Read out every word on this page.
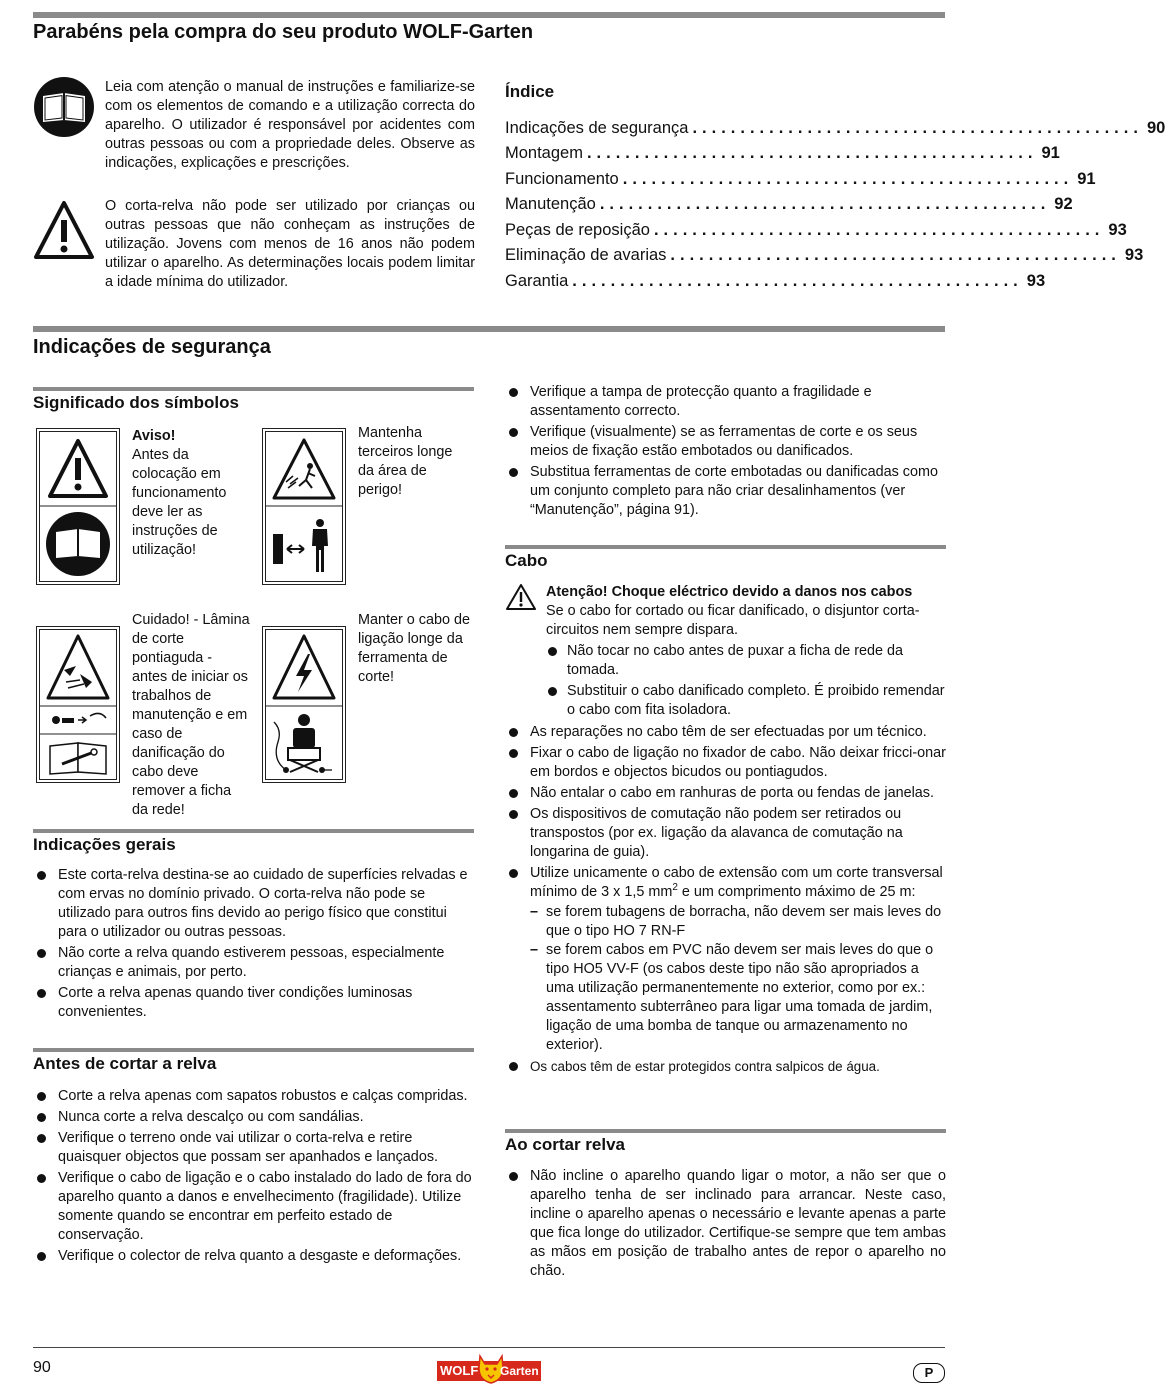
Parabéns pela compra do seu produto WOLF-Garten

Leia com atenção o manual de instruções e familiarize-se com os elementos de comando e a utilização correcta do aparelho. O utilizador é responsável por acidentes com outras pessoas ou com a propriedade deles. Observe as indicações, explicações e prescrições.

O corta-relva não pode ser utilizado por crianças ou outras pessoas que não conheçam as instruções de utilização. Jovens com menos de 16 anos não podem utilizar o aparelho. As determinações locais podem limitar a idade mínima do utilizador.

Índice
Indicações de segurança ............................................... 90
Montagem ............................................... 91
Funcionamento ............................................... 91
Manutenção ............................................... 92
Peças de reposição ............................................... 93
Eliminação de avarias ............................................... 93
Garantia ............................................... 93
Indicações de segurança
Significado dos símbolos
Aviso!
Antes da colocação em funcionamento deve ler as instruções de utilização!
Mantenha terceiros longe da área de perigo!
Cuidado! - Lâmina de corte pontiaguda - antes de iniciar os trabalhos de manutenção e em caso de danificação do cabo deve remover a ficha da rede!
Manter o cabo de ligação longe da ferramenta de corte!
Indicações gerais
Este corta-relva destina-se ao cuidado de superfícies relvadas e com ervas no domínio privado. O corta-relva não pode se utilizado para outros fins devido ao perigo físico que constitui para o utilizador ou outras pessoas.
Não corte a relva quando estiverem pessoas, especialmente crianças e animais, por perto.
Corte a relva apenas quando tiver condições luminosas convenientes.
Antes de cortar a relva
Corte a relva apenas com sapatos robustos e calças compridas.
Nunca corte a relva descalço ou com sandálias.
Verifique o terreno onde vai utilizar o corta-relva e retire quaisquer objectos que possam ser apanhados e lançados.
Verifique o cabo de ligação e o cabo instalado do lado de fora do aparelho quanto a danos e envelhecimento (fragilidade). Utilize somente quando se encontrar em perfeito estado de conservação.
Verifique o colector de relva quanto a desgaste e deformações.
Verifique a tampa de protecção quanto a fragilidade e assentamento correcto.
Verifique (visualmente) se as ferramentas de corte e os seus meios de fixação estão embotados ou danificados.
Substitua ferramentas de corte embotadas ou danificadas como um conjunto completo para não criar desalinhamentos (ver “Manutenção”, página 91).
Cabo
Atenção! Choque eléctrico devido a danos nos cabos
Se o cabo for cortado ou ficar danificado, o disjuntor corta-circuitos nem sempre dispara.
Não tocar no cabo antes de puxar a ficha de rede da tomada.
Substituir o cabo danificado completo. É proibido remendar o cabo com fita isoladora.
As reparações no cabo têm de ser efectuadas por um técnico.
Fixar o cabo de ligação no fixador de cabo. Não deixar fricci-onar em bordos e objectos bicudos ou pontiagudos.
Não entalar o cabo em ranhuras de porta ou fendas de janelas.
Os dispositivos de comutação não podem ser retirados ou transpostos (por ex. ligação da alavanca de comutação na longarina de guia).
Utilize unicamente o cabo de extensão com um corte transversal mínimo de 3 x 1,5 $mm^2$ e um comprimento máximo de 25 m:
– se forem tubagens de borracha, não devem ser mais leves do que o tipo HO 7 RN-F
– se forem cabos em PVC não devem ser mais leves do que o tipo HO5 VV-F (os cabos deste tipo não são apropriados a uma utilização permanentemente no exterior, como por ex.: assentamento subterrâneo para ligar uma tomada de jardim, ligação de uma bomba de tanque ou armazenamento no exterior).
Os cabos têm de estar protegidos contra salpicos de água.
Ao cortar relva
Não incline o aparelho quando ligar o motor, a não ser que o aparelho tenha de ser inclinado para arrancar. Neste caso, incline o aparelho apenas o necessário e levante apenas a parte que fica longe do utilizador. Certifique-se sempre que tem ambas as mãos em posição de trabalho antes de repor o aparelho no chão.
90	WOLF Garten	P
